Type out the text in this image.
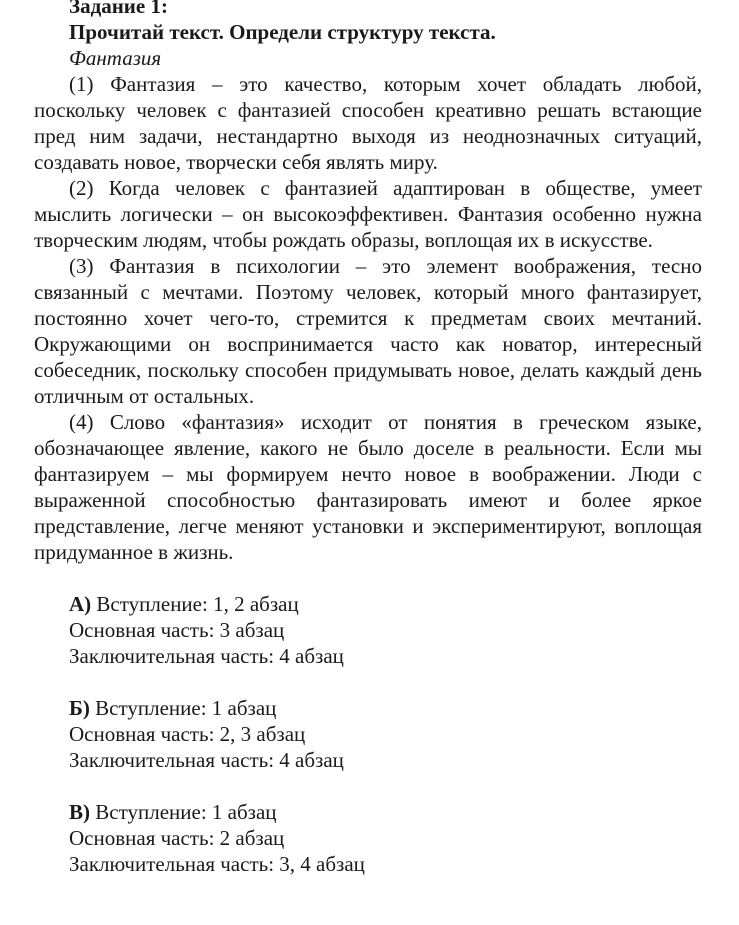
Задание 1:
Прочитай текст. Определи структуру текста.
Фантазия

(1) Фантазия – это качество, которым хочет обладать любой, поскольку человек с фантазией способен креативно решать встающие пред ним задачи, нестандартно выходя из неоднозначных ситуаций, создавать новое, творчески себя являть миру.

(2) Когда человек с фантазией адаптирован в обществе, умеет мыслить логически – он высокоэффективен. Фантазия особенно нужна творческим людям, чтобы рождать образы, воплощая их в искусстве.

(3) Фантазия в психологии – это элемент воображения, тесно связанный с мечтами. Поэтому человек, который много фантазирует, постоянно хочет чего-то, стремится к предметам своих мечтаний. Окружающими он воспринимается часто как новатор, интересный собеседник, поскольку способен придумывать новое, делать каждый день отличным от остальных.

(4) Слово «фантазия» исходит от понятия в греческом языке, обозначающее явление, какого не было доселе в реальности. Если мы фантазируем – мы формируем нечто новое в воображении. Люди с выраженной способностью фантазировать имеют и более яркое представление, легче меняют установки и экспериментируют, воплощая придуманное в жизнь.

А) Вступление: 1, 2 абзац
Основная часть: 3 абзац
Заключительная часть: 4 абзац
Б) Вступление: 1 абзац
Основная часть: 2, 3 абзац
Заключительная часть: 4 абзац
В) Вступление: 1 абзац
Основная часть: 2 абзац
Заключительная часть: 3, 4 абзац
